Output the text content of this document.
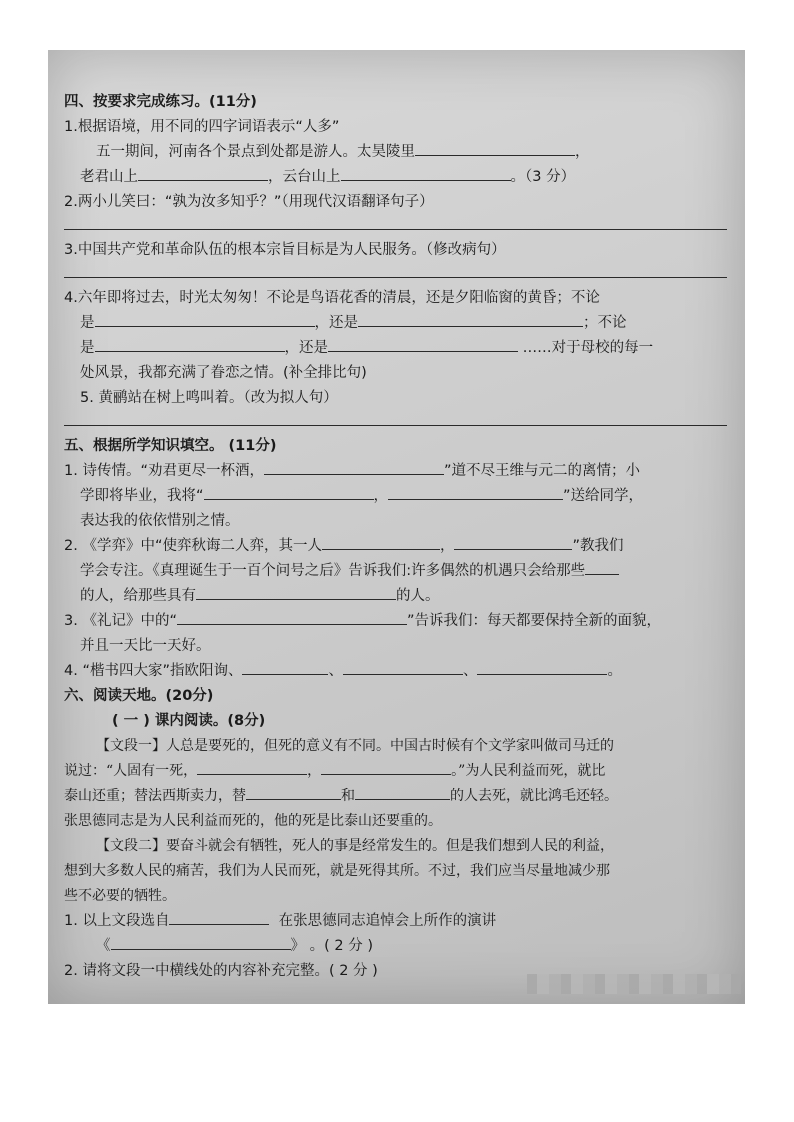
四、按要求完成练习。(11分)
1.根据语境，用不同的四字词语表示“人多”
五一期间，河南各个景点到处都是游人。太昊陵里	，
老君山上	，云台山上	。（3 分）
2.两小儿笑曰：“孰为汝多知乎？”（用现代汉语翻译句子）
3.中国共产党和革命队伍的根本宗旨目标是为人民服务。（修改病句）
4.六年即将过去，时光太匆匆！不论是鸟语花香的清晨，还是夕阳临窗的黄昏；不论
是	，还是	；不论
是	，还是	……对于母校的每一
处风景，我都充满了眷恋之情。(补全排比句)
5. 黄鹂站在树上鸣叫着。（改为拟人句）
五、根据所学知识填空。 (11分)
1. 诗传情。“劝君更尽一杯酒，	”道不尽王维与元二的离情；小
学即将毕业，我将“	，	”送给同学，
表达我的依依惜别之情。
2. 《学弈》中“使弈秋诲二人弈，其一人	，	”教我们
学会专注。《真理诞生于一百个问号之后》告诉我们:许多偶然的机遇只会给那些
的人，给那些具有	的人。
3. 《礼记》中的“	”告诉我们：每天都要保持全新的面貌，
并且一天比一天好。
4. “楷书四大家”指欧阳询、	、	、	。
六、阅读天地。(20分)
( 一 ) 课内阅读。(8分)
【文段一】人总是要死的，但死的意义有不同。中国古时候有个文学家叫做司马迁的
说过：“人固有一死，	，	。”为人民利益而死，就比
泰山还重；替法西斯卖力，替	和	的人去死，就比鸿毛还轻。
张思德同志是为人民利益而死的，他的死是比泰山还要重的。
【文段二】要奋斗就会有牺牲，死人的事是经常发生的。但是我们想到人民的利益，
想到大多数人民的痛苦，我们为人民而死，就是死得其所。不过，我们应当尽量地减少那
些不必要的牺牲。
1. 以上文段选自	在张思德同志追悼会上所作的演讲
《	》 。( 2 分 )
2. 请将文段一中横线处的内容补充完整。( 2 分 )
